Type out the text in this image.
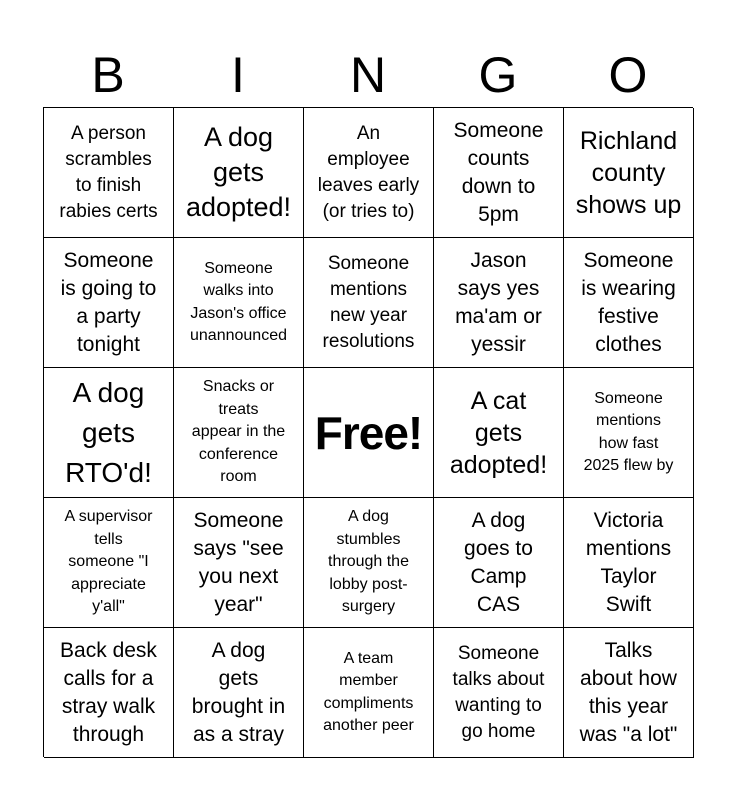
B	I	N	G	O
A person
scrambles
to finish
rabies certs
A dog
gets
adopted!
An
employee
leaves early
(or tries to)
Someone
counts
down to
5pm
Richland
county
shows up
Someone
is going to
a party
tonight
Someone
walks into
Jason's office
unannounced
Someone
mentions
new year
resolutions
Jason
says yes
ma'am or
yessir
Someone
is wearing
festive
clothes
A dog
gets
RTO'd!
Snacks or
treats
appear in the
conference
room
Free!
A cat
gets
adopted!
Someone
mentions
how fast
2025 flew by
A supervisor
tells
someone "I
appreciate
y'all"
Someone
says "see
you next
year"
A dog
stumbles
through the
lobby post-
surgery
A dog
goes to
Camp
CAS
Victoria
mentions
Taylor
Swift
Back desk
calls for a
stray walk
through
A dog
gets
brought in
as a stray
A team
member
compliments
another peer
Someone
talks about
wanting to
go home
Talks
about how
this year
was "a lot"
